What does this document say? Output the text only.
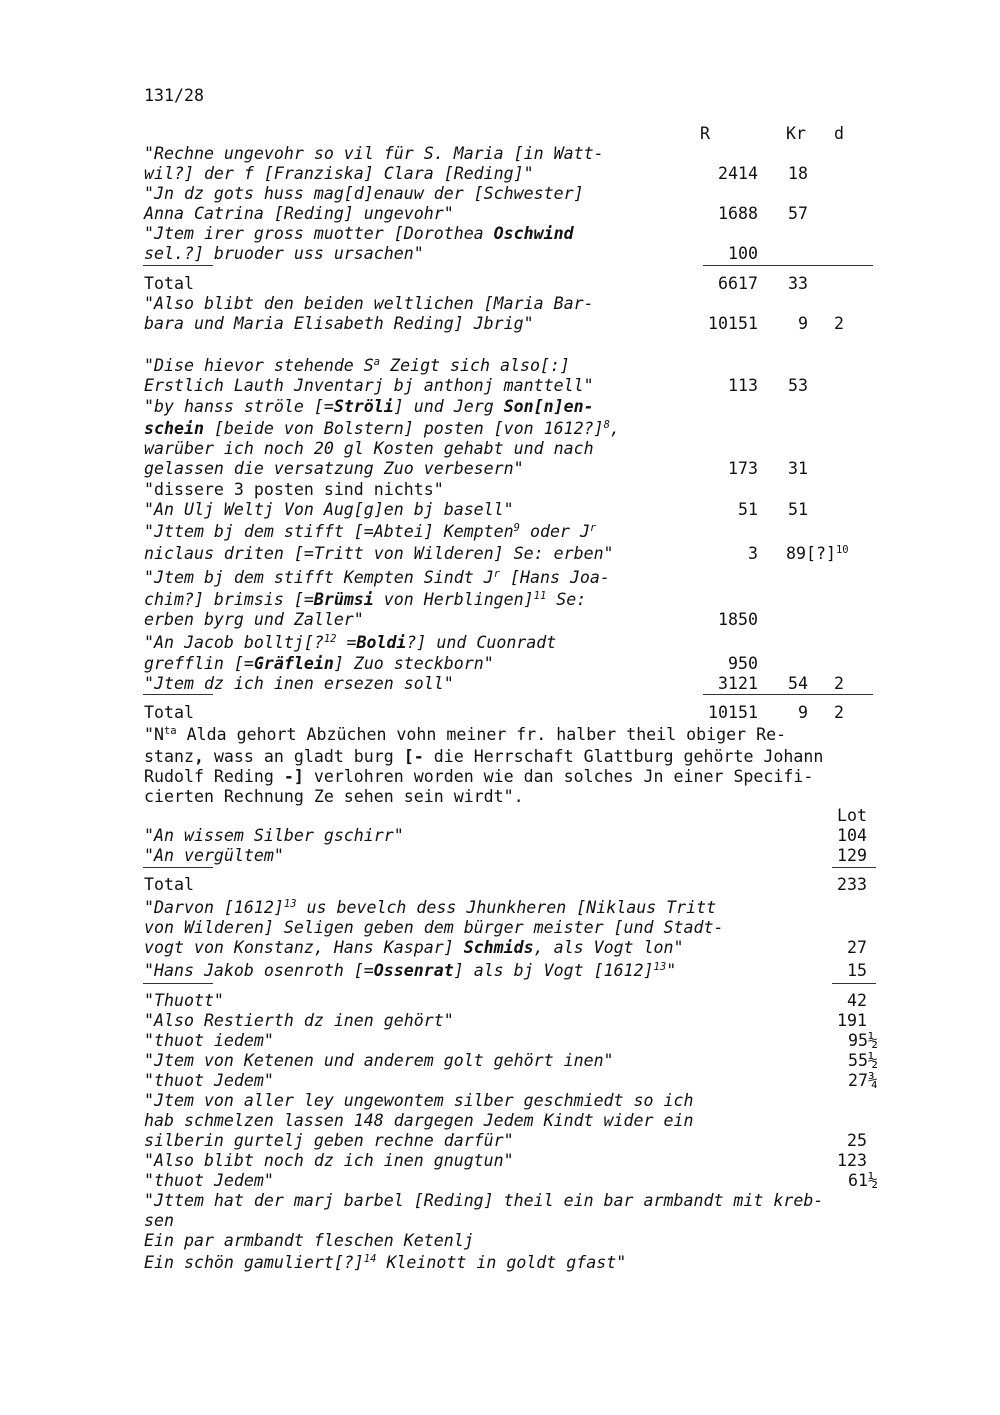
131/28
R	Kr d
"Rechne ungevohr so vil für S. Maria [in Watt-
wil?] der f [Franziska] Clara [Reding]"	2414 18
"Jn dz gots huss mag[d]enauw der [Schwester]
Anna Catrina [Reding] ungevohr"	1688 57
"Jtem irer gross muotter [Dorothea Oschwind
sel.?] bruoder uss ursachen"	100
Total	6617 33
"Also blibt den beiden weltlichen [Maria Bar-
bara und Maria Elisabeth Reding] Jbrig"	10151 9 2
"Dise hievor stehende $S^a$ Zeigt sich also[:]
Erstlich Lauth Jnventarj bj anthonj manttell"	113 53
"by hanss ströle [=Ströli] und Jerg Son[n]en-
schein [beide von Bolstern] posten [von 1612?]$^8$,
warüber ich noch 20 gl Kosten gehabt und nach
gelassen die versatzung Zuo verbesern"	173 31
"dissere 3 posten sind nichts"
"An Ulj Weltj Von Aug[g]en bj basell"	51 51
"Jttem bj dem stifft [=Abtei] Kempten$^9$ oder $J^r$
niclaus driten [=Tritt von Wilderen] Se: erben"	3 89[?]$^{10}$
"Jtem bj dem stifft Kempten Sindt $J^r$ [Hans Joa-
chim?] brimsis [=Brümsi von Herblingen]$^{11}$ Se:
erben byrg und Zaller"	1850
"An Jacob bolltj[?$^{12}$ =Boldi?] und Cuonradt
grefflin [=Gräflein] Zuo steckborn"	950
"Jtem dz ich inen ersezen soll"	3121 54 2
Total	10151 9 2
"$N^{ta}$ Alda gehort Abzüchen vohn meiner fr. halber theil obiger Re-
stanz, wass an gladt burg [- die Herrschaft Glattburg gehörte Johann
Rudolf Reding -] verlohren worden wie dan solches Jn einer Specifi-
cierten Rechnung Ze sehen sein wirdt".
Lot
"An wissem Silber gschirr"	104
"An vergültem"	129
Total	233
"Darvon $[1612]^{13}$ us bevelch dess Jhunkheren [Niklaus Tritt
von Wilderen] Seligen geben dem bürger meister [und Stadt-
vogt von Konstanz, Hans Kaspar] Schmids, als Vogt lon"	27
"Hans Jakob osenroth [=Ossenrat] als bj Vogt $[1612]^{13}$"	15
"Thuott"	42
"Also Restierth dz inen gehört"	191
"thuot iedem"	95½
"Jtem von Ketenen und anderem golt gehört inen"	55½
"thuot Jedem"	27¾
"Jtem von aller ley ungewontem silber geschmiedt so ich
hab schmelzen lassen 148 dargegen Jedem Kindt wider ein
silberin gurtelj geben rechne darfür"	25
"Also blibt noch dz ich inen gnugtun"	123
"thuot Jedem"	61½
"Jttem hat der marj barbel [Reding] theil ein bar armbandt mit kreb-
sen
Ein par armbandt fleschen Ketenlj
Ein schön gamuliert[?]$^{14}$ Kleinott in goldt gfast"
